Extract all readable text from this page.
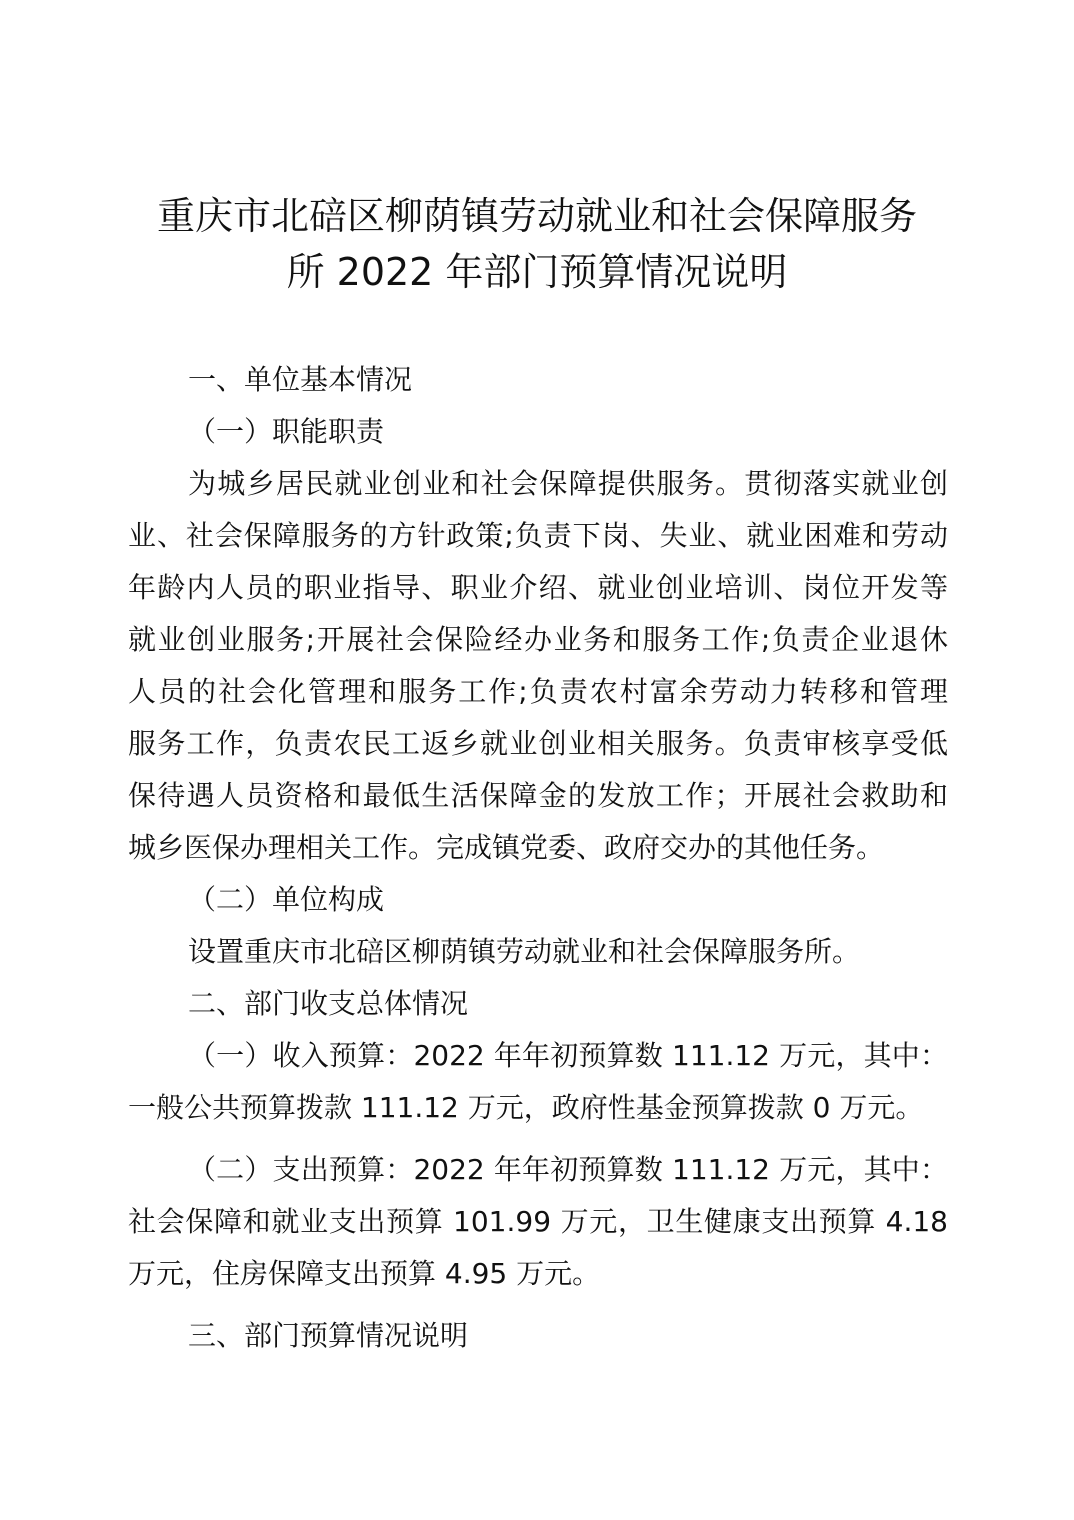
重庆市北碚区柳荫镇劳动就业和社会保障服务
所 2022 年部门预算情况说明
一、单位基本情况
（一）职能职责
为城乡居民就业创业和社会保障提供服务。贯彻落实就业创
业、社会保障服务的方针政策;负责下岗、失业、就业困难和劳动
年龄内人员的职业指导、职业介绍、就业创业培训、岗位开发等
就业创业服务;开展社会保险经办业务和服务工作;负责企业退休
人员的社会化管理和服务工作;负责农村富余劳动力转移和管理
服务工作，负责农民工返乡就业创业相关服务。负责审核享受低
保待遇人员资格和最低生活保障金的发放工作；开展社会救助和
城乡医保办理相关工作。完成镇党委、政府交办的其他任务。
（二）单位构成
设置重庆市北碚区柳荫镇劳动就业和社会保障服务所。
二、部门收支总体情况
（一）收入预算：2022 年年初预算数 111.12 万元，其中：
一般公共预算拨款 111.12 万元，政府性基金预算拨款 0 万元。
（二）支出预算：2022 年年初预算数 111.12 万元，其中：
社会保障和就业支出预算 101.99 万元，卫生健康支出预算 4.18
万元，住房保障支出预算 4.95 万元。
三、部门预算情况说明
